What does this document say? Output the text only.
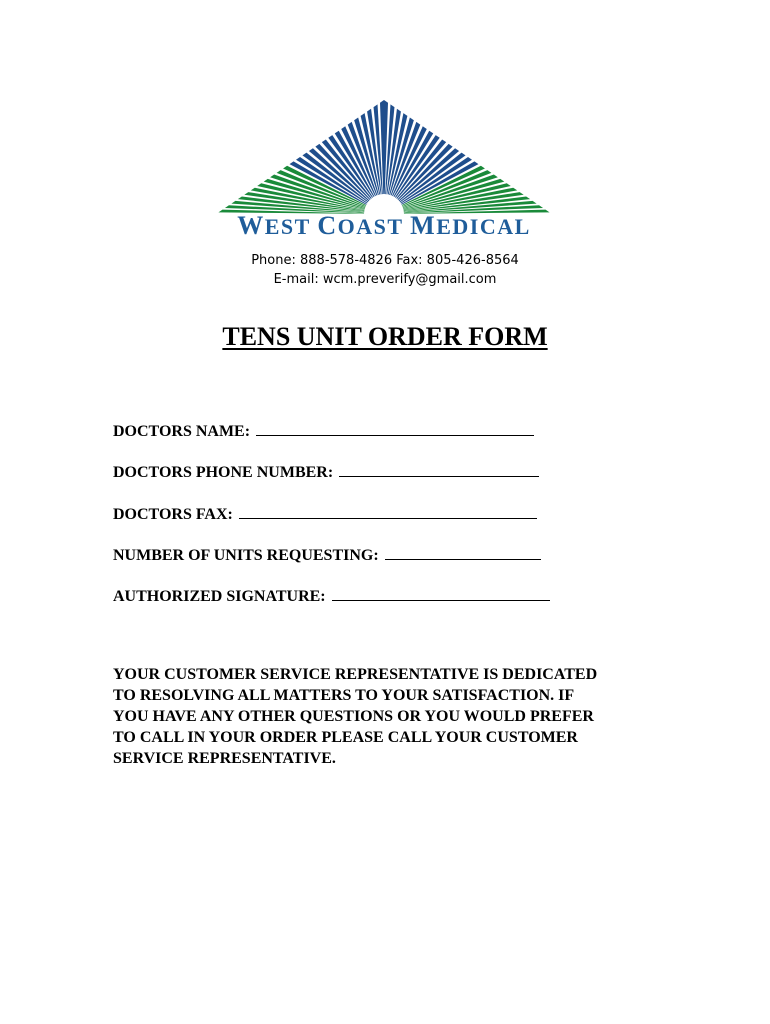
WEST COAST MEDICAL
Phone: 888-578-4826 Fax: 805-426-8564
E-mail: wcm.preverify@gmail.com
TENS UNIT ORDER FORM
DOCTORS NAME:
DOCTORS PHONE NUMBER:
DOCTORS FAX:
NUMBER OF UNITS REQUESTING:
AUTHORIZED SIGNATURE:
YOUR CUSTOMER SERVICE REPRESENTATIVE IS DEDICATED
TO RESOLVING ALL MATTERS TO YOUR SATISFACTION. IF
YOU HAVE ANY OTHER QUESTIONS OR YOU WOULD PREFER
TO CALL IN YOUR ORDER PLEASE CALL YOUR CUSTOMER
SERVICE REPRESENTATIVE.
